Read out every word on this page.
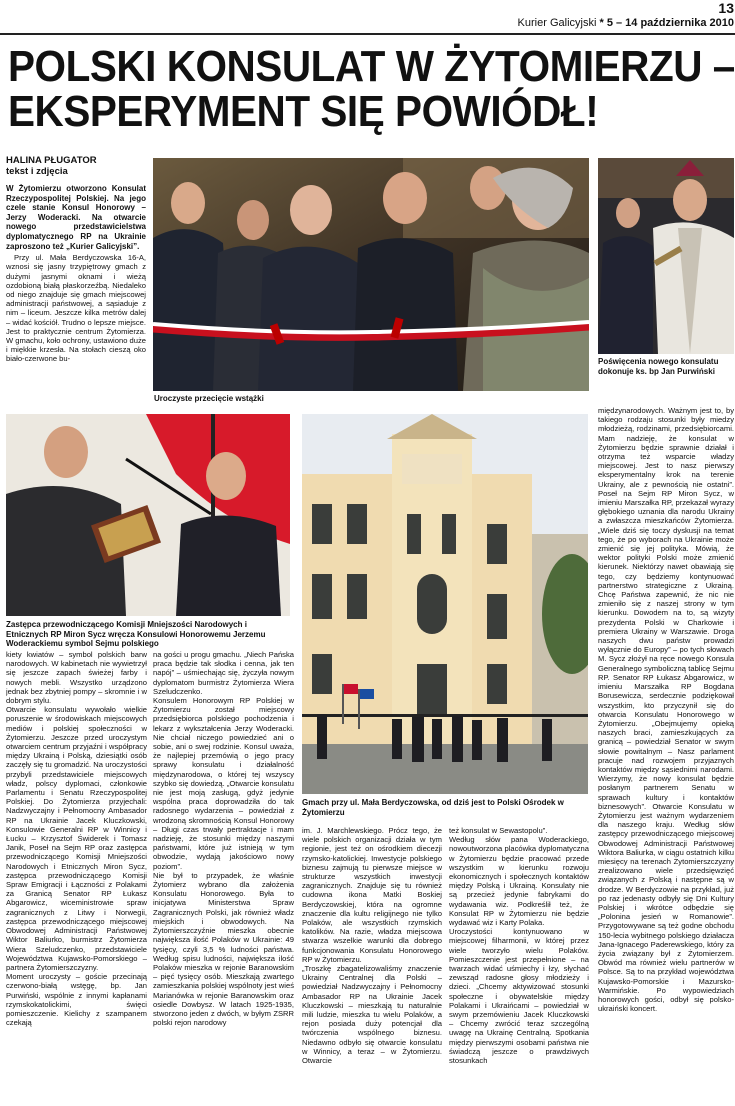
13
Kurier Galicyjski * 5 – 14 października 2010
POLSKI KONSULAT W ŻYTOMIERZU –
EKSPERYMENT SIĘ POWIÓDŁ!
HALINA PŁUGATOR
tekst i zdjęcia

W Żytomierzu otworzono Konsulat Rzeczypospolitej Polskiej. Na jego czele stanie Konsul Honorowy – Jerzy Woderacki. Na otwarcie nowego przedstawicielstwa dyplomatycznego RP na Ukrainie zaproszono też „Kurier Galicyjski”.

Przy ul. Mała Berdyczowska 16-A, wznosi się jasny trzypiętrowy gmach z dużymi jasnymi oknami i wieżą ozdobioną białą płaskorzeźbą. Niedaleko od niego znajduje się gmach miejscowej administracji państwowej, a sąsiaduje z nim – liceum. Jeszcze kilka metrów dalej – widać kościół. Trudno o lepsze miejsce. Jest to praktycznie centrum Żytomierza. W gmachu, koło ochrony, ustawiono duże i miękkie krzesła. Na stołach cieszą oko biało-czerwone bu-

Uroczyste przecięcie wstążki
Poświęcenia nowego konsulatu dokonuje ks. bp Jan Purwiński

międzynarodowych. Ważnym jest to, by takiego rodzaju stosunki były miedzy młodzieżą, rodzinami, przedsiębiorcami. Mam nadzieję, że konsulat w Żytomierzu będzie sprawnie działał i otrzyma też wsparcie władzy miejscowej. Jest to nasz pierwszy eksperymentalny krok na terenie Ukrainy, ale z pewnością nie ostatni”. Poseł na Sejm RP Miron Sycz, w imieniu Marszałka RP, przekazał wyrazy głębokiego uznania dla narodu Ukrainy a zwłaszcza mieszkańców Żytomierza. „Wiele dziś się toczy dyskusji na temat tego, że po wyborach na Ukrainie może zmienić się jej polityka. Mówią, że wektor polityki Polski może zmienić kierunek. Niektórzy nawet obawiają się tego, czy będziemy kontynuować partnerstwo strategiczne z Ukrainą. Chcę Państwa zapewnić, że nic nie zmieniło się z naszej strony w tym kierunku. Dowodem na to, są wizyty prezydenta Polski w Charkowie i premiera Ukrainy w Warszawie. Droga naszych dwu państw prowadzi wyłącznie do Europy” – po tych słowach M. Sycz złożył na ręce nowego Konsula Generalnego symboliczną tablicę Sejmu RP. Senator RP Łukasz Abgarowicz, w imieniu Marszałka RP Bogdana Borusewicza, serdecznie podziękował wszystkim, kto przyczynił się do otwarcia Konsulatu Honorowego w Żytomierzu. „Obejmujemy opieką naszych braci, zamieszkujących za granicą – powiedział Senator w swym słowie powitalnym – Nasz parlament pracuje nad rozwojem przyjaznych kontaktów między sąsiednimi narodami. Wierzymy, że nowy konsulat będzie posłanym partnerem Senatu w sprawach kultury i kontaktów biznesowych”. Otwarcie Konsulatu w Żytomierzu jest ważnym wydarzeniem dla naszego kraju. Według słów zastępcy przewodniczącego miejscowej Obwodowej Administracji Państwowej Wiktora Baliurka, w ciągu ostatnich kilku miesięcy na terenach Żytomierszczyzny zrealizowano wiele przedsięwzięć związanych z Polską i następne są w drodze. W Berdyczowie na przykład, już po raz jedenasty odbyły się Dni Kultury Polskiej i wkrótce odbędzie się „Polonina jesień w Romanowie”. Przygotowywane są też godne obchodu 150-lecia wybitnego polskiego działacza Jana-Ignacego Paderewskiego, który za życia związany był z Żytomierzem. Obwód ma również wielu partnerów w Polsce. Są to na przykład województwa Kujawsko-Pomorskie i Mazursko-Warmińskie. Po wypowiedziach honorowych gości, odbył się polsko-ukraiński koncert.

Zastępca przewodniczącego Komisji Mniejszości Narodowych i Etnicznych RP Miron Sycz wręcza Konsulowi Honorowemu Jerzemu Woderackiemu symbol Sejmu polskiego
Gmach przy ul. Mała Berdyczowska, od dziś jest to Polski Ośrodek w Żytomierzu

kiety kwiatów – symbol polskich barw narodowych. W kabinetach nie wywietrzył się jeszcze zapach świeżej farby i nowych mebli. Wszystko urządzono jednak bez zbytniej pompy – skromnie i w dobrym stylu.
Otwarcie konsulatu wywołało wielkie poruszenie w środowiskach miejscowych mediów i polskiej społeczności w Żytomierzu. Jeszcze przed uroczystym otwarciem centrum przyjaźni i współpracy między Ukrainą i Polską, dziesiątki osób zaczęły się tu gromadzić. Na uroczystości przybyli przedstawiciele miejscowych władz, polscy dyplomaci, członkowie Parlamentu i Senatu Rzeczypospolitej Polskiej. Do Żytomierza przyjechali: Nadzwyczajny i Pełnomocny Ambasador RP na Ukrainie Jacek Kluczkowski, Konsulowie Generalni RP w Winnicy i Łucku – Krzysztof Świderek i Tomasz Janik, Poseł na Sejm RP oraz zastępca przewodniczącego Komisji Mniejszości Narodowych i Etnicznych Miron Sycz, zastępca przewodniczącego Komisji Spraw Emigracji i Łączności z Polakami za Granicą Senator RP Łukasz Abgarowicz, wiceministrowie spraw zagranicznych z Litwy i Norwegii, zastępca przewodniczącego miejscowej Obwodowej Administracji Państwowej Wiktor Baliurko, burmistrz Żytomierza Wiera Szeludczenko, przedstawiciele Województwa Kujawsko-Pomorskiego – partnera Żytomierszczyzny.
Moment uroczysty – goście przecinają czerwono-białą wstęgę, bp. Jan Purwiński, wspólnie z innymi kapłanami rzymskokatolickimi, święci pomieszczenie. Kielichy z szampanem czekają

na gości u progu gmachu. „Niech Pańska praca będzie tak słodka i cenna, jak ten napój” – uśmiechając się, życzyła nowym dyplomatom burmistrz Żytomierza Wiera Szeludczenko.
Konsulem Honorowym RP Polskiej w Żytomierzu został miejscowy przedsiębiorca polskiego pochodzenia i lekarz z wykształcenia Jerzy Woderacki. Nie chciał niczego powiedzieć ani o sobie, ani o swej rodzinie. Konsul uważa, że najlepiej przemówią o jego pracy sprawy konsulatu i działalność międzynarodowa, o której tej wszyscy szybko się dowiedzą. „Otwarcie konsulatu nie jest moją zasługą, gdyż jedynie wspólna praca doprowadziła do tak radosnego wydarzenia – powiedział z wrodzoną skromnością Konsul Honorowy – Długi czas trwały pertraktacje i mam nadzieję, że stosunki między naszymi państwami, które już istnieją w tym obwodzie, wydają jakościowo nowy poziom”.
Nie był to przypadek, że właśnie Żytomierz wybrano dla założenia Konsulatu Honorowego. Była to inicjatywa Ministerstwa Spraw Zagranicznych Polski, jak również władz miejskich i obwodowych. Na Żytomierszczyźnie mieszka obecnie największa ilość Polaków w Ukrainie: 49 tysięcy, czyli 3,5 % ludności państwa. Według spisu ludności, największa ilość Polaków mieszka w rejonie Baranowskim – pięć tysięcy osób. Mieszkają zwartego zamieszkania polskiej wspólnoty jest wieś Marianówka w rejonie Baranowskim oraz osiedle Dowbysz. W latach 1925-1935, stworzono jeden z dwóch, w byłym ZSRR polski rejon narodowy

im. J. Marchlewskiego. Prócz tego, że wiele polskich organizacji działa w tym regionie, jest też on ośrodkiem diecezji rzymsko-katolickiej. Inwestycje polskiego biznesu zajmują tu pierwsze miejsce w strukturze wszystkich inwestycji zagranicznych. Znajduje się tu również cudowna ikona Matki Boskiej Berdyczowskiej, która na ogromne znaczenie dla kultu religijnego nie tylko Polaków, ale wszystkich rzymskich katolików. Na razie, władza miejscowa stwarza wszelkie warunki dla dobrego funkcjonowania Konsulatu Honorowego RP w Żytomierzu.
„Troszkę zbagatelizowaliśmy znaczenie Ukrainy Centralnej dla Polski – powiedział Nadzwyczajny i Pełnomocny Ambasador RP na Ukrainie Jacek Kluczkowski – mieszkają tu naturalnie mili ludzie, mieszka tu wielu Polaków, a rejon posiada duży potencjał dla twórczenia wspólnego biznesu. Niedawno odbyło się otwarcie konsulatu w Winnicy, a teraz – w Żytomierzu. Otwarcie

też konsulat w Sewastopolu”.
Według słów pana Woderackiego, nowoutworzona placówka dyplomatyczna w Żytomierzu będzie pracować przede wszystkim w kierunku rozwoju ekonomicznych i społecznych kontaktów między Polską i Ukrainą. Konsulaty nie są przecież jedynie fabrykami do wydawania wiz. Podkreślił też, że Konsulat RP w Żytomierzu nie będzie wydawać wiz i Karty Polaka.
Uroczystości kontynuowano w miejscowej filharmonii, w której przez wiele tworzyło wielu Polaków. Pomieszczenie jest przepełnione – na twarzach widać uśmiechy i łzy, słychać zewsząd radosne głosy młodzieży i dzieci. „Chcemy aktywizować stosunki społeczne i obywatelskie między Polakami i Ukraińcami – powiedział w swym przemówieniu Jacek Kluczkowski – Chcemy zwrócić teraz szczególną uwagę na Ukrainę Centralną. Spotkania między pierwszymi osobami państwa nie świadczą jeszcze o prawdziwych stosunkach
